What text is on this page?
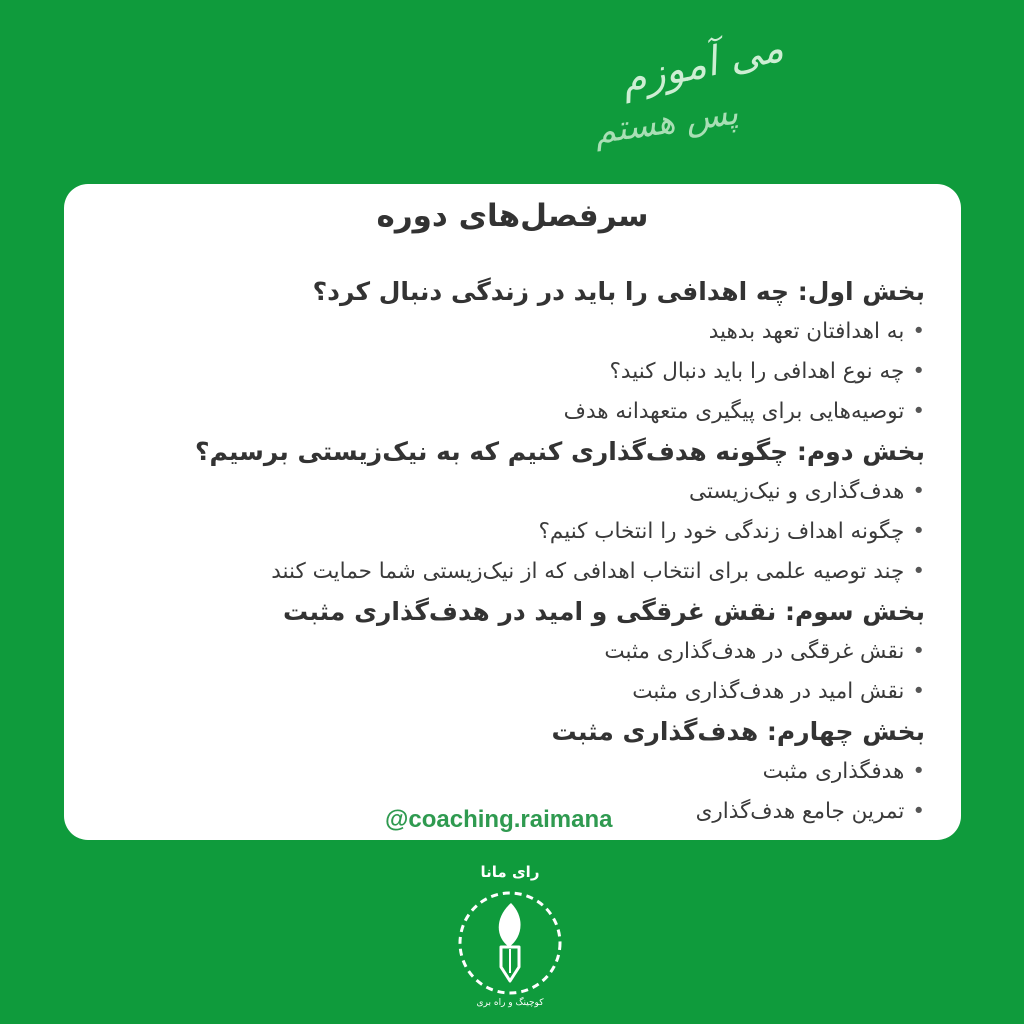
می آموزم
پس هستم
سرفصل‌های دوره
بخش اول: چه اهدافی را باید در زندگی دنبال کرد؟
•به اهدافتان تعهد بدهید
•چه نوع اهدافی را باید دنبال کنید؟
•توصیه‌هایی برای پیگیری متعهدانه هدف
بخش دوم: چگونه هدف‌گذاری کنیم که به نیک‌زیستی برسیم؟
•هدف‌گذاری و نیک‌زیستی
•چگونه اهداف زندگی خود را انتخاب کنیم؟
•چند توصیه علمی برای انتخاب اهدافی که از نیک‌زیستی شما حمایت کنند
بخش سوم: نقش غرقگی و امید در هدف‌گذاری مثبت
•نقش غرقگی در هدف‌گذاری مثبت
•نقش امید در هدف‌گذاری مثبت
بخش چهارم: هدف‌گذاری مثبت
•هدفگذاری مثبت
•تمرین جامع هدف‌گذاری
@coaching.raimana
رای مانا
کوچینگ و راه بری
